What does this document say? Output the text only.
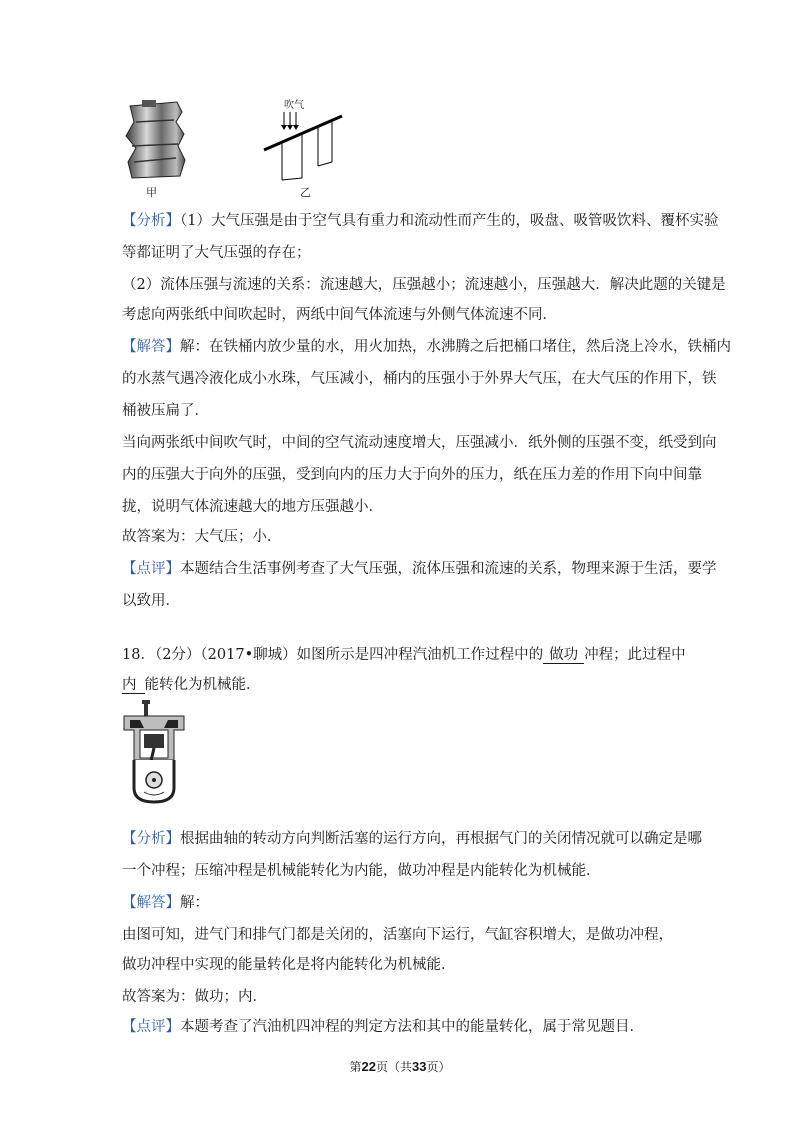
甲
吹气
乙
【分析】（1）大气压强是由于空气具有重力和流动性而产生的，吸盘、吸管吸饮料、覆杯实验
等都证明了大气压强的存在；
（2）流体压强与流速的关系：流速越大，压强越小；流速越小，压强越大．解决此题的关键是
考虑向两张纸中间吹起时，两纸中间气体流速与外侧气体流速不同．
【解答】解：在铁桶内放少量的水，用火加热，水沸腾之后把桶口堵住，然后浇上冷水，铁桶内
的水蒸气遇冷液化成小水珠，气压减小，桶内的压强小于外界大气压，在大气压的作用下，铁
桶被压扁了．
当向两张纸中间吹气时，中间的空气流动速度增大，压强减小．纸外侧的压强不变，纸受到向
内的压强大于向外的压强，受到向内的压力大于向外的压力，纸在压力差的作用下向中间靠
拢，说明气体流速越大的地方压强越小．
故答案为：大气压；小．
【点评】本题结合生活事例考查了大气压强，流体压强和流速的关系，物理来源于生活，要学
以致用．
18．（2分）（2017•聊城）如图所示是四冲程汽油机工作过程中的 做功 冲程；此过程中
内 能转化为机械能．
【分析】根据曲轴的转动方向判断活塞的运行方向，再根据气门的关闭情况就可以确定是哪
一个冲程；压缩冲程是机械能转化为内能，做功冲程是内能转化为机械能．
【解答】解：
由图可知，进气门和排气门都是关闭的，活塞向下运行，气缸容积增大，是做功冲程，
做功冲程中实现的能量转化是将内能转化为机械能．
故答案为：做功；内．
【点评】本题考查了汽油机四冲程的判定方法和其中的能量转化，属于常见题目．
第22页（共33页）
